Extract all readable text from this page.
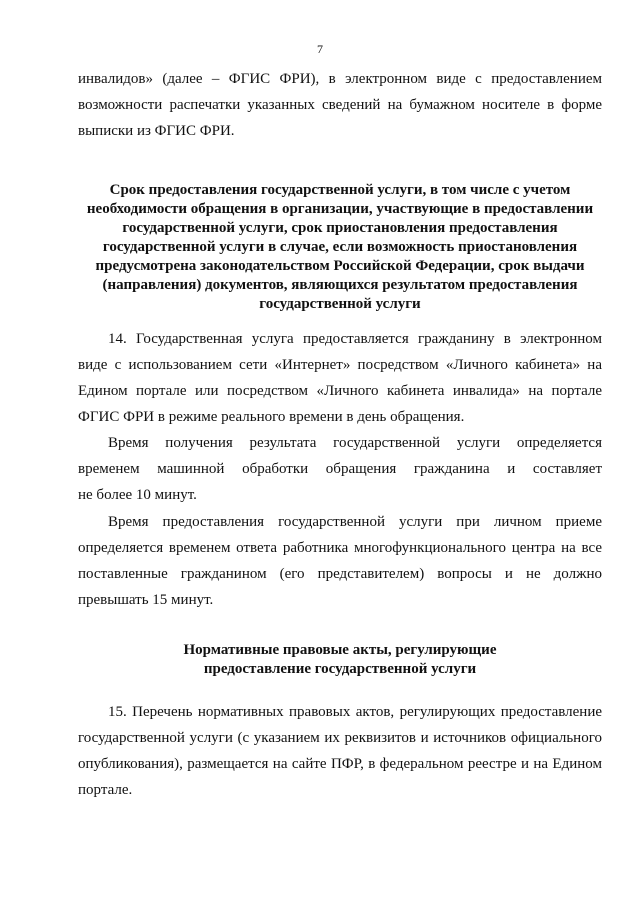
7
инвалидов» (далее – ФГИС ФРИ), в электронном виде с предоставлением
возможности распечатки указанных сведений на бумажном носителе в форме
выписки из ФГИС ФРИ.
Срок предоставления государственной услуги, в том числе с учетом
необходимости обращения в организации, участвующие в предоставлении
государственной услуги, срок приостановления предоставления
государственной услуги в случае, если возможность приостановления
предусмотрена законодательством Российской Федерации, срок выдачи
(направления) документов, являющихся результатом предоставления
государственной услуги
14. Государственная услуга предоставляется гражданину в электронном
виде с использованием сети «Интернет» посредством «Личного кабинета» на
Едином портале или посредством «Личного кабинета инвалида» на портале
ФГИС ФРИ в режиме реального времени в день обращения.
Время получения результата государственной услуги определяется
временем машинной обработки обращения гражданина и составляет
не более 10 минут.
Время предоставления государственной услуги при личном приеме
определяется временем ответа работника многофункционального центра на все
поставленные гражданином (его представителем) вопросы и не должно
превышать 15 минут.
Нормативные правовые акты, регулирующие
предоставление государственной услуги
15. Перечень нормативных правовых актов, регулирующих предоставление
государственной услуги (с указанием их реквизитов и источников официального
опубликования), размещается на сайте ПФР, в федеральном реестре и на Едином
портале.
